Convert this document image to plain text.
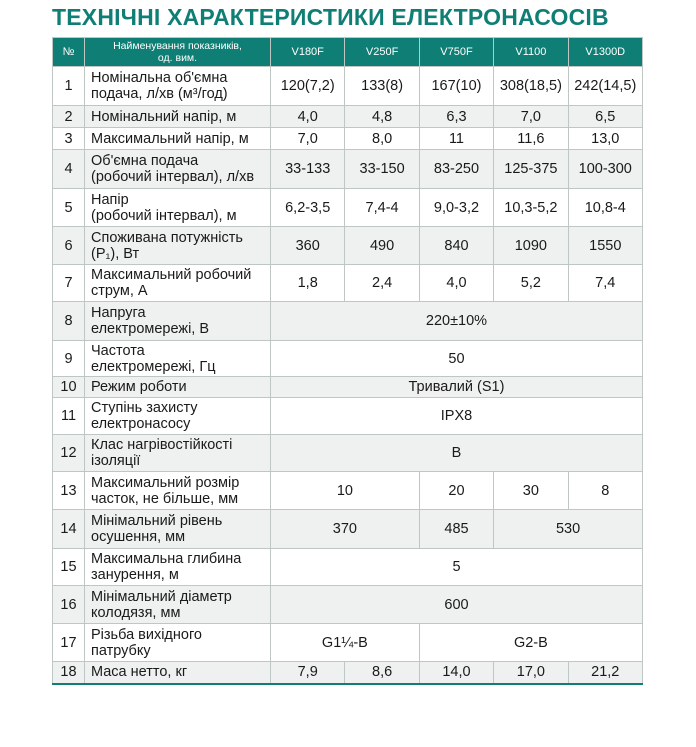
ТЕХНІЧНІ ХАРАКТЕРИСТИКИ ЕЛЕКТРОНАСОСІВ
№	Найменування показників,
од. вим.	V180F	V250F	V750F	V1100	V1300D
1	Номінальна об'ємна
подача, л/хв (м³/год)	120(7,2)	133(8)	167(10)	308(18,5)	242(14,5)
2	Номінальний напір, м	4,0	4,8	6,3	7,0	6,5
3	Максимальний напір, м	7,0	8,0	11	11,6	13,0
4	Об'ємна подача
(робочий інтервал), л/хв	33-133	33-150	83-250	125-375	100-300
5	Напір
(робочий інтервал), м	6,2-3,5	7,4-4	9,0-3,2	10,3-5,2	10,8-4
6	Споживана потужність
(P₁), Вт	360	490	840	1090	1550
7	Максимальний робочий
струм, А	1,8	2,4	4,0	5,2	7,4
8	Напруга
електромережі, В	220±10%				
9	Частота
електромережі, Гц	50				
10	Режим роботи	Тривалий (S1)				
11	Ступінь захисту
електронасосу	IPX8				
12	Клас нагрівостійкості
ізоляції	B				
13	Максимальний розмір
часток, не більше, мм	10		20	30	8
14	Мінімальний рівень
осушення, мм	370		485	530	
15	Максимальна глибина
занурення, м	5				
16	Мінімальний діаметр
колодязя, мм	600				
17	Різьба вихідного
патрубку	G1¼-B		G2-B		
18	Маса нетто, кг	7,9	8,6	14,0	17,0	21,2
